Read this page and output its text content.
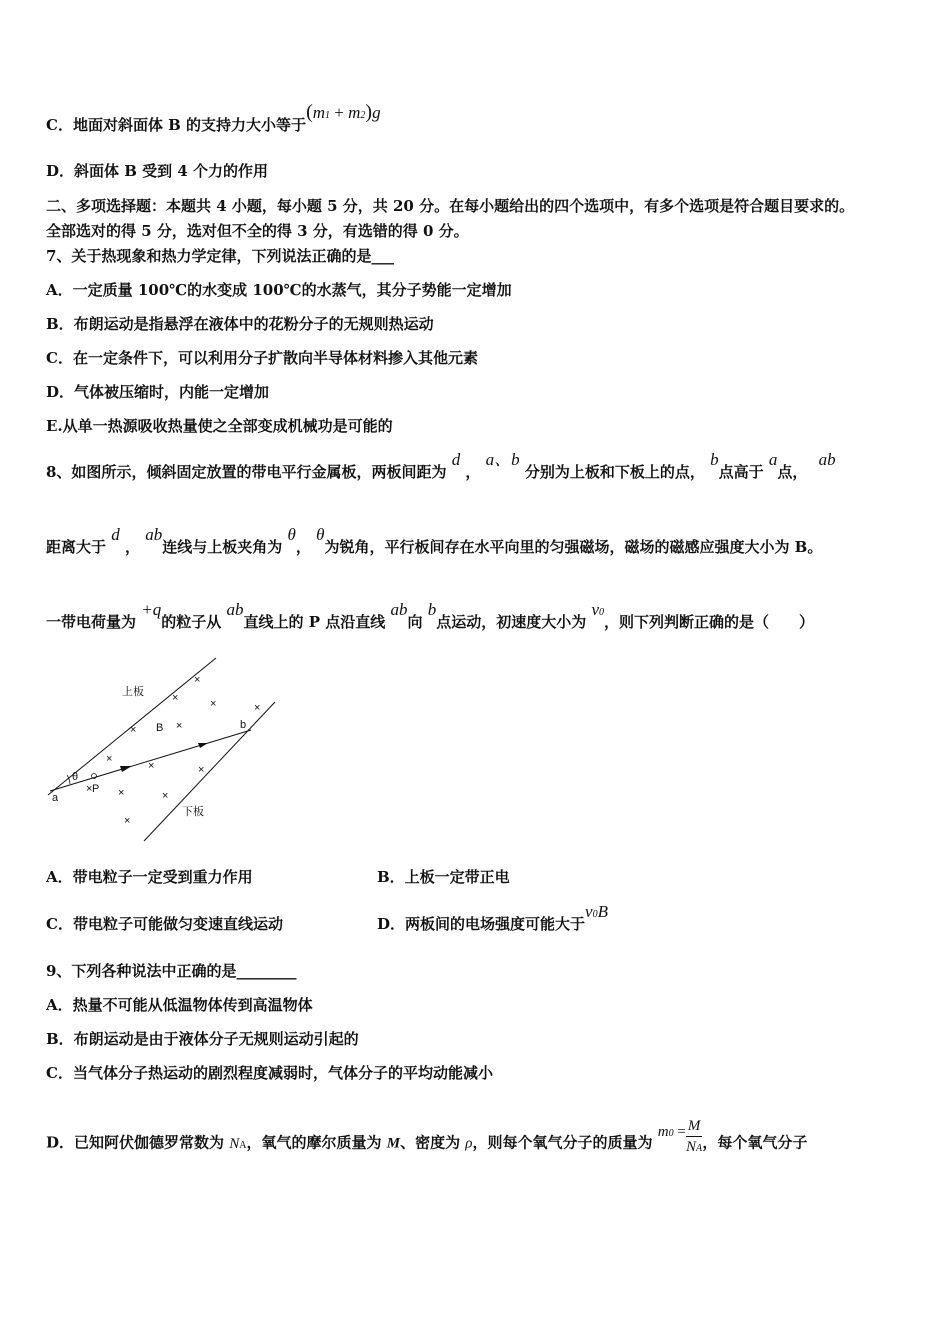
C．地面对斜面体 B 的支持力大小等于(m1 + m2)g
D．斜面体 B 受到 4 个力的作用
二、多项选择题：本题共 4 小题，每小题 5 分，共 20 分。在每小题给出的四个选项中，有多个选项是符合题目要求的。
全部选对的得 5 分，选对但不全的得 3 分，有选错的得 0 分。
7、关于热现象和热力学定律，下列说法正确的是___
A．一定质量 100℃的水变成 100℃的水蒸气，其分子势能一定增加
B．布朗运动是指悬浮在液体中的花粉分子的无规则热运动
C．在一定条件下，可以利用分子扩散向半导体材料掺入其他元素
D．气体被压缩时，内能一定增加
E.从单一热源吸收热量使之全部变成机械功是可能的
8、如图所示，倾斜固定放置的带电平行金属板，两板间距为 d ， a、b 分别为上板和下板上的点， b点高于 a点， ab
距离大于 d ， ab连线与上板夹角为 θ， θ为锐角，平行板间存在水平向里的匀强磁场，磁场的磁感应强度大小为 B。
一带电荷量为 +q的粒子从 ab直线上的 P 点沿直线 ab向 b点运动，初速度大小为 v0，则下列判断正确的是（　　）
上板
下板
B
a
b
P
θ
×
×	×	×
×
×
×
×	×
× ×	×
×
A．带电粒子一定受到重力作用	B．上板一定带正电
C．带电粒子可能做匀变速直线运动	D．两板间的电场强度可能大于v0B
9、下列各种说法中正确的是________
A．热量不可能从低温物体传到高温物体
B．布朗运动是由于液体分子无规则运动引起的
C．当气体分子热运动的剧烈程度减弱时，气体分子的平均动能减小
D．已知阿伏伽德罗常数为 NA，氧气的摩尔质量为 M、密度为 ρ，则每个氧气分子的质量为 $m0 = \frac{M}{NA}$ ，每个氧气分子
